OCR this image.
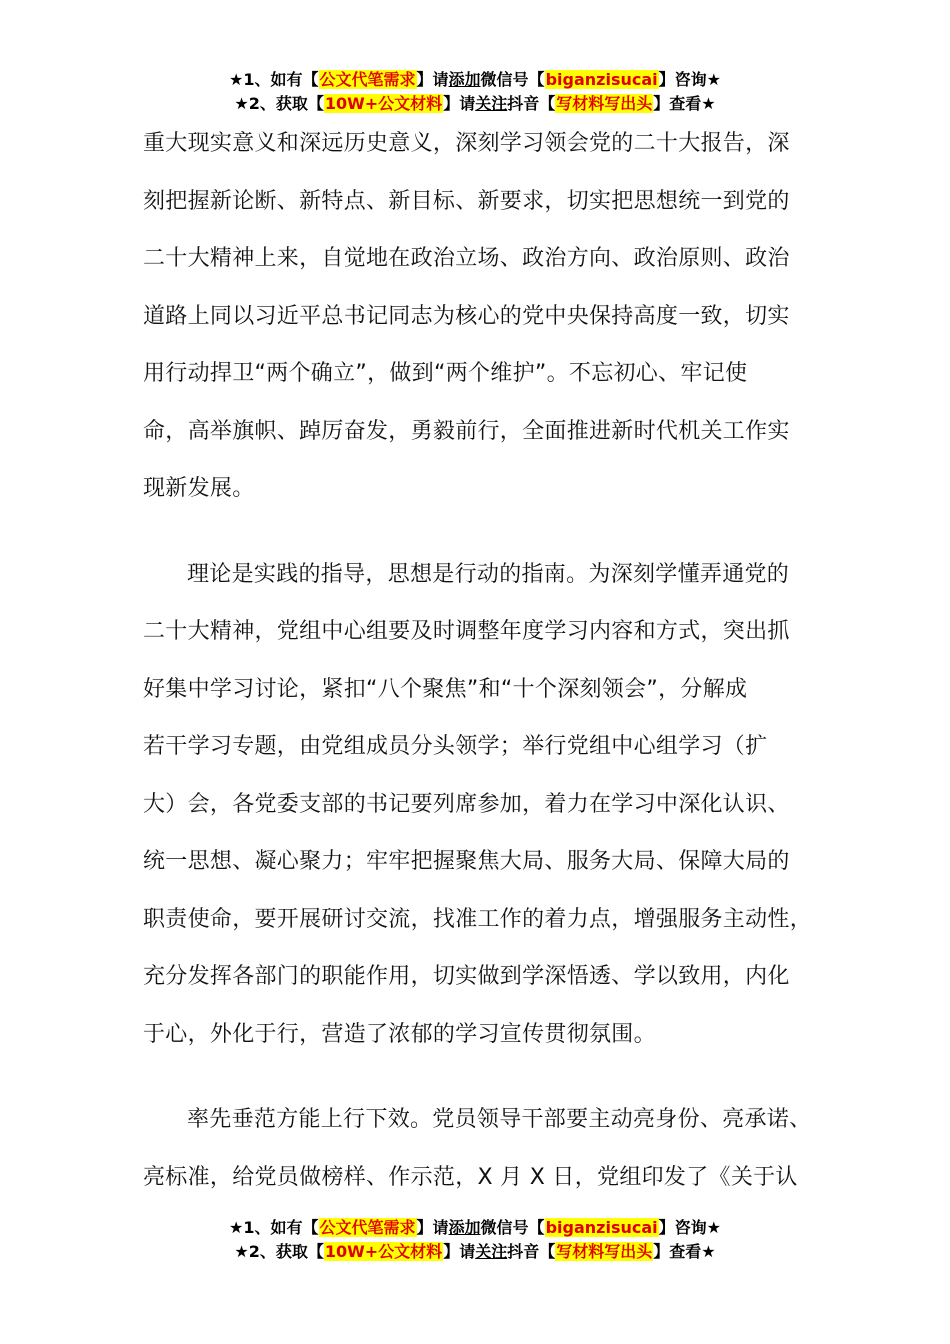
★1、如有【公文代笔需求】请添加微信号【biganzisucai】咨询★
★2、获取【10W+公文材料】请关注抖音【写材料写出头】查看★
重大现实意义和深远历史意义，深刻学习领会党的二十大报告，深
刻把握新论断、新特点、新目标、新要求，切实把思想统一到党的
二十大精神上来，自觉地在政治立场、政治方向、政治原则、政治
道路上同以习近平总书记同志为核心的党中央保持高度一致，切实
用行动捍卫“两个确立”，做到“两个维护”。不忘初心、牢记使
命，高举旗帜、踔厉奋发，勇毅前行，全面推进新时代机关工作实
现新发展。
理论是实践的指导，思想是行动的指南。为深刻学懂弄通党的
二十大精神，党组中心组要及时调整年度学习内容和方式，突出抓
好集中学习讨论，紧扣“八个聚焦”和“十个深刻领会”，分解成
若干学习专题，由党组成员分头领学；举行党组中心组学习（扩
大）会，各党委支部的书记要列席参加，着力在学习中深化认识、
统一思想、凝心聚力；牢牢把握聚焦大局、服务大局、保障大局的
职责使命，要开展研讨交流，找准工作的着力点，增强服务主动性，
充分发挥各部门的职能作用，切实做到学深悟透、学以致用，内化
于心，外化于行，营造了浓郁的学习宣传贯彻氛围。
率先垂范方能上行下效。党员领导干部要主动亮身份、亮承诺、
亮标准，给党员做榜样、作示范，X 月 X 日，党组印发了《关于认
★1、如有【公文代笔需求】请添加微信号【biganzisucai】咨询★
★2、获取【10W+公文材料】请关注抖音【写材料写出头】查看★
